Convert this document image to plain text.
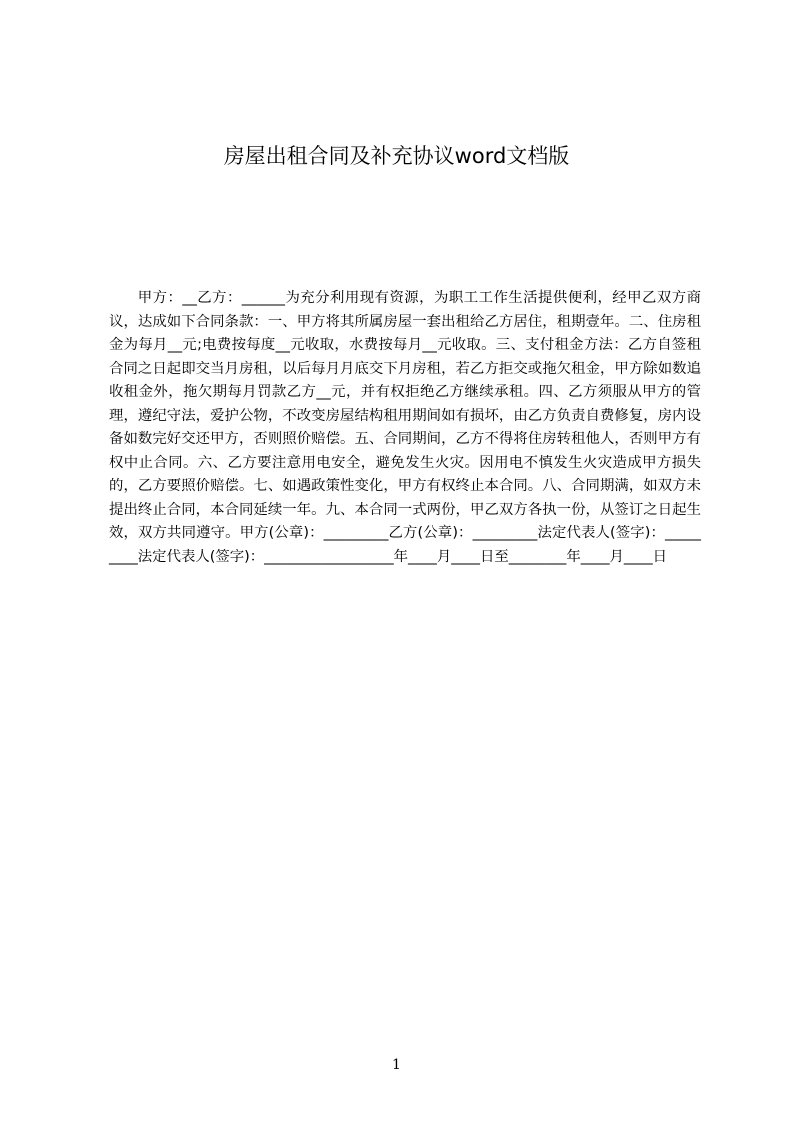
房屋出租合同及补充协议word文档版

甲方：__乙方：______为充分利用现有资源，为职工工作生活提供便利，经甲乙双方商议，达成如下合同条款：一、甲方将其所属房屋一套出租给乙方居住，租期壹年。二、住房租金为每月__元;电费按每度__元收取，水费按每月__元收取。三、支付租金方法：乙方自签租合同之日起即交当月房租，以后每月月底交下月房租，若乙方拒交或拖欠租金，甲方除如数追收租金外，拖欠期每月罚款乙方__元，并有权拒绝乙方继续承租。四、乙方须服从甲方的管理，遵纪守法，爱护公物，不改变房屋结构租用期间如有损坏，由乙方负责自费修复，房内设备如数完好交还甲方，否则照价赔偿。五、合同期间，乙方不得将住房转租他人，否则甲方有权中止合同。六、乙方要注意用电安全，避免发生火灾。因用电不慎发生火灾造成甲方损失的，乙方要照价赔偿。七、如遇政策性变化，甲方有权终止本合同。八、合同期满，如双方未提出终止合同，本合同延续一年。九、本合同一式两份，甲乙双方各执一份，从签订之日起生效，双方共同遵守。甲方(公章)：_________乙方(公章)：_________法定代表人(签字)：_________法定代表人(签字)：__________________年____月____日至________年____月____日

1
